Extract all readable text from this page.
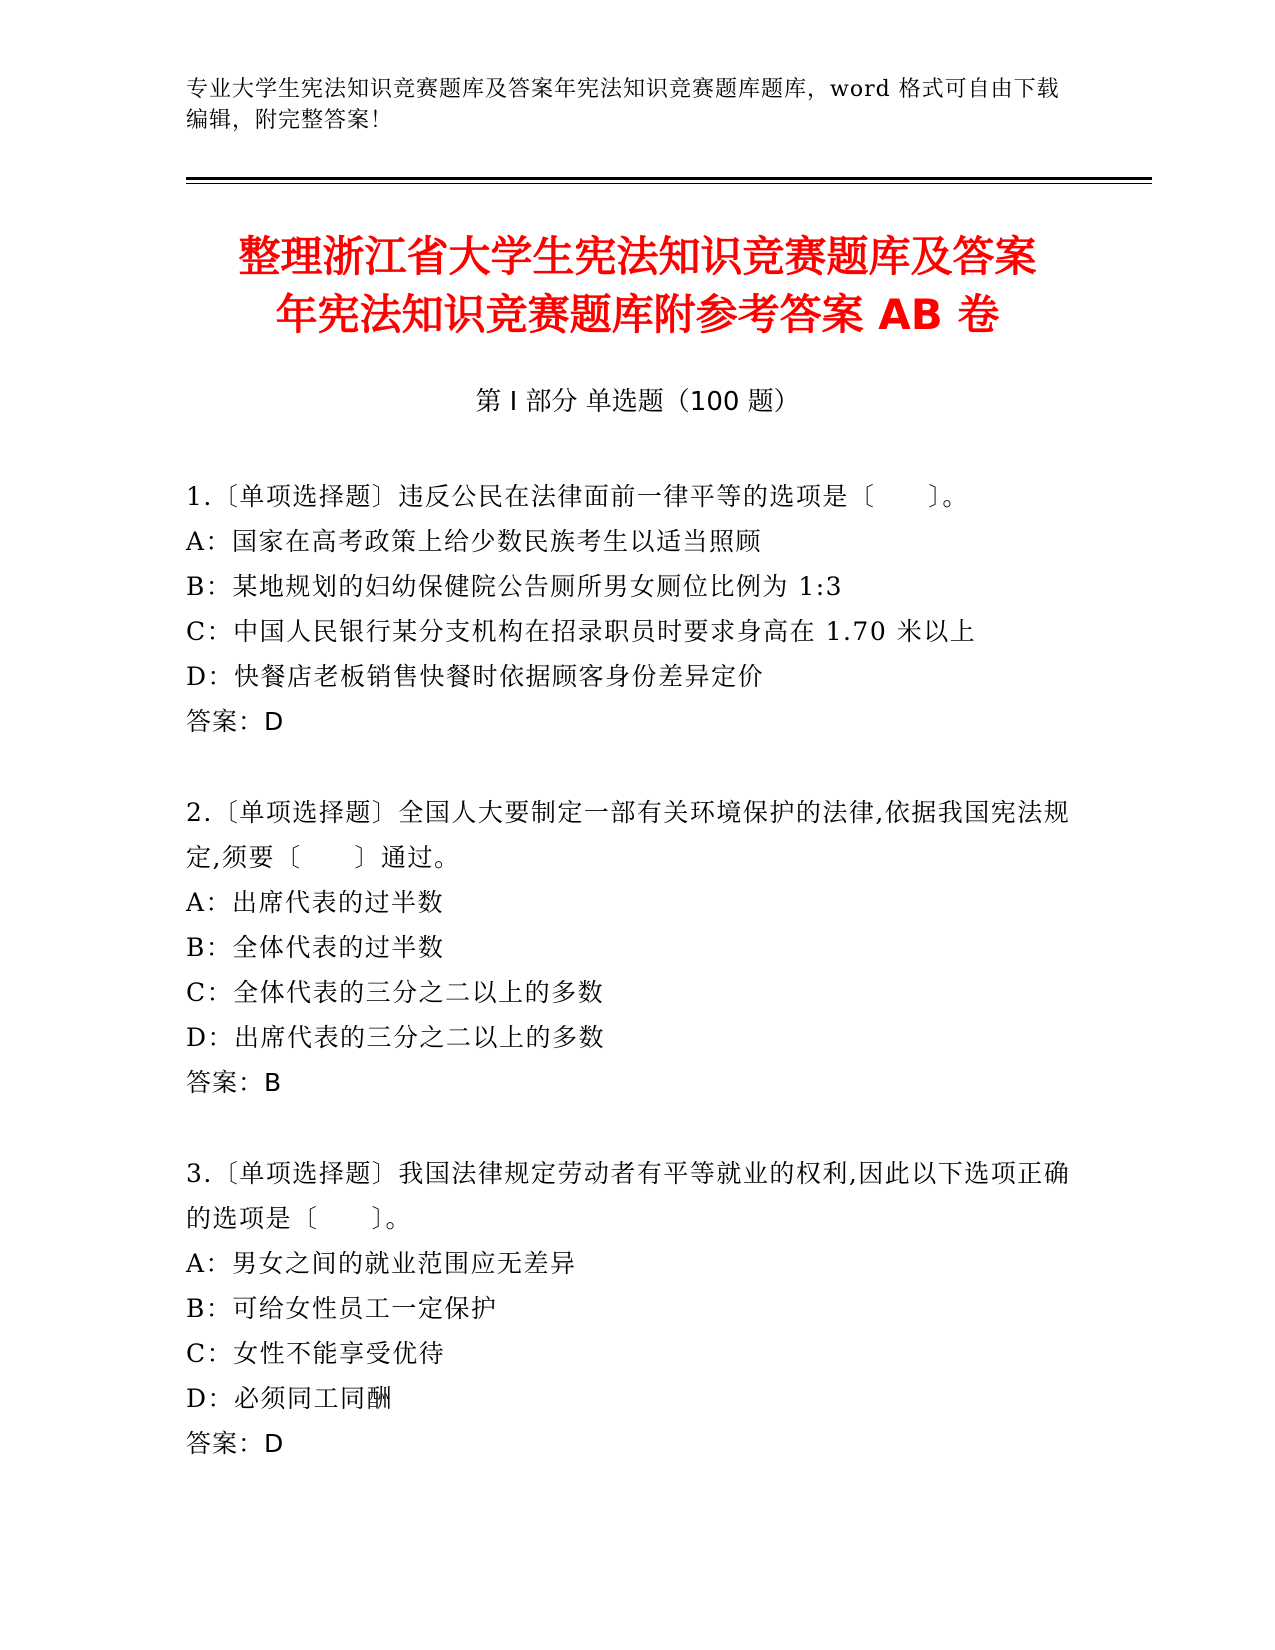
专业大学生宪法知识竞赛题库及答案年宪法知识竞赛题库题库，word 格式可自由下载编辑，附完整答案！
整理浙江省大学生宪法知识竞赛题库及答案
年宪法知识竞赛题库附参考答案 AB 卷
第 I 部分 单选题（100 题）
1.〔单项选择题〕违反公民在法律面前一律平等的选项是〔　　〕。
A：国家在高考政策上给少数民族考生以适当照顾
B：某地规划的妇幼保健院公告厕所男女厕位比例为 1:3
C：中国人民银行某分支机构在招录职员时要求身高在 1.70 米以上
D：快餐店老板销售快餐时依据顾客身份差异定价
答案：D
2.〔单项选择题〕全国人大要制定一部有关环境保护的法律,依据我国宪法规定,须要〔　　〕通过。
A：出席代表的过半数
B：全体代表的过半数
C：全体代表的三分之二以上的多数
D：出席代表的三分之二以上的多数
答案：B
3.〔单项选择题〕我国法律规定劳动者有平等就业的权利,因此以下选项正确的选项是〔　　〕。
A：男女之间的就业范围应无差异
B：可给女性员工一定保护
C：女性不能享受优待
D：必须同工同酬
答案：D
